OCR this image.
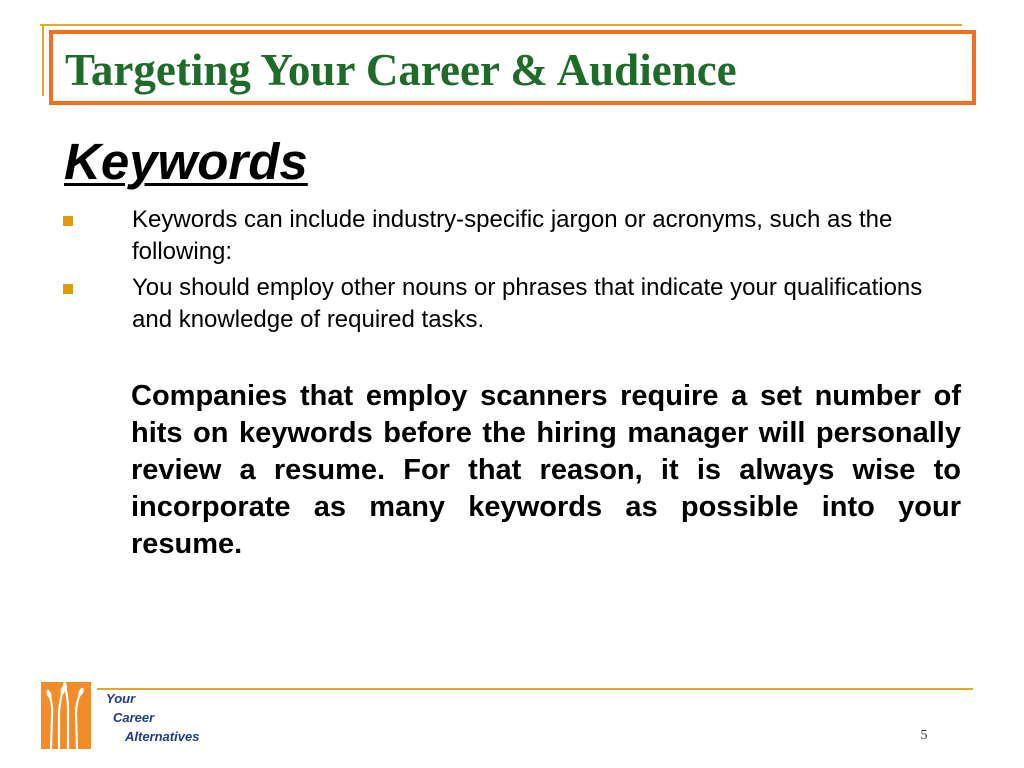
Targeting Your Career & Audience
Keywords
Keywords can include industry-specific jargon or acronyms, such as the following:
You should employ other nouns or phrases that indicate your qualifications and knowledge of required tasks.

Companies that employ scanners require a set number of hits on keywords before the hiring manager will personally review a resume. For that reason, it is always wise to incorporate as many keywords as possible into your resume.

Your
Career
Alternatives	5
